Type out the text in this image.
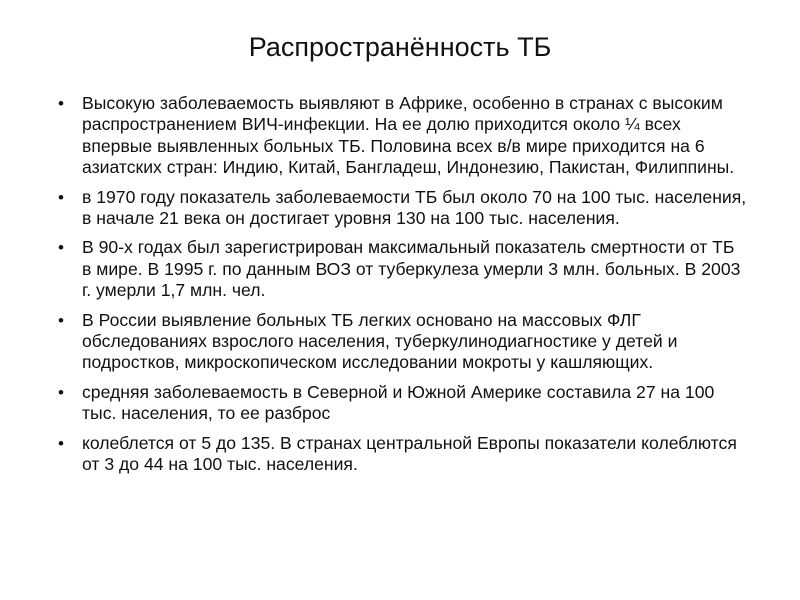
Распространённость ТБ
•	Высокую заболеваемость выявляют в Африке, особенно в странах с высоким распространением ВИЧ-инфекции. На ее долю приходится около ¼ всех впервые выявленных больных ТБ. Половина всех в/в мире приходится на 6 азиатских стран: Индию, Китай, Бангладеш, Индонезию, Пакистан, Филиппины.
•	в 1970 году показатель заболеваемости ТБ был около 70 на 100 тыс. населения, в начале 21 века он достигает уровня 130 на 100 тыс. населения.
•	В 90-х годах был зарегистрирован максимальный показатель смертности от ТБ в мире. В 1995 г. по данным ВОЗ от туберкулеза умерли 3 млн. больных. В 2003 г. умерли 1,7 млн. чел.
•	В России выявление больных ТБ легких основано на массовых ФЛГ обследованиях взрослого населения, туберкулинодиагностике у детей и подростков, микроскопическом исследовании мокроты у кашляющих.
•	средняя заболеваемость в Северной и Южной Америке составила 27 на 100 тыс. населения, то ее разброс
•	колеблется от 5 до 135. В странах центральной Европы показатели колеблются от 3 до 44 на 100 тыс. населения.
